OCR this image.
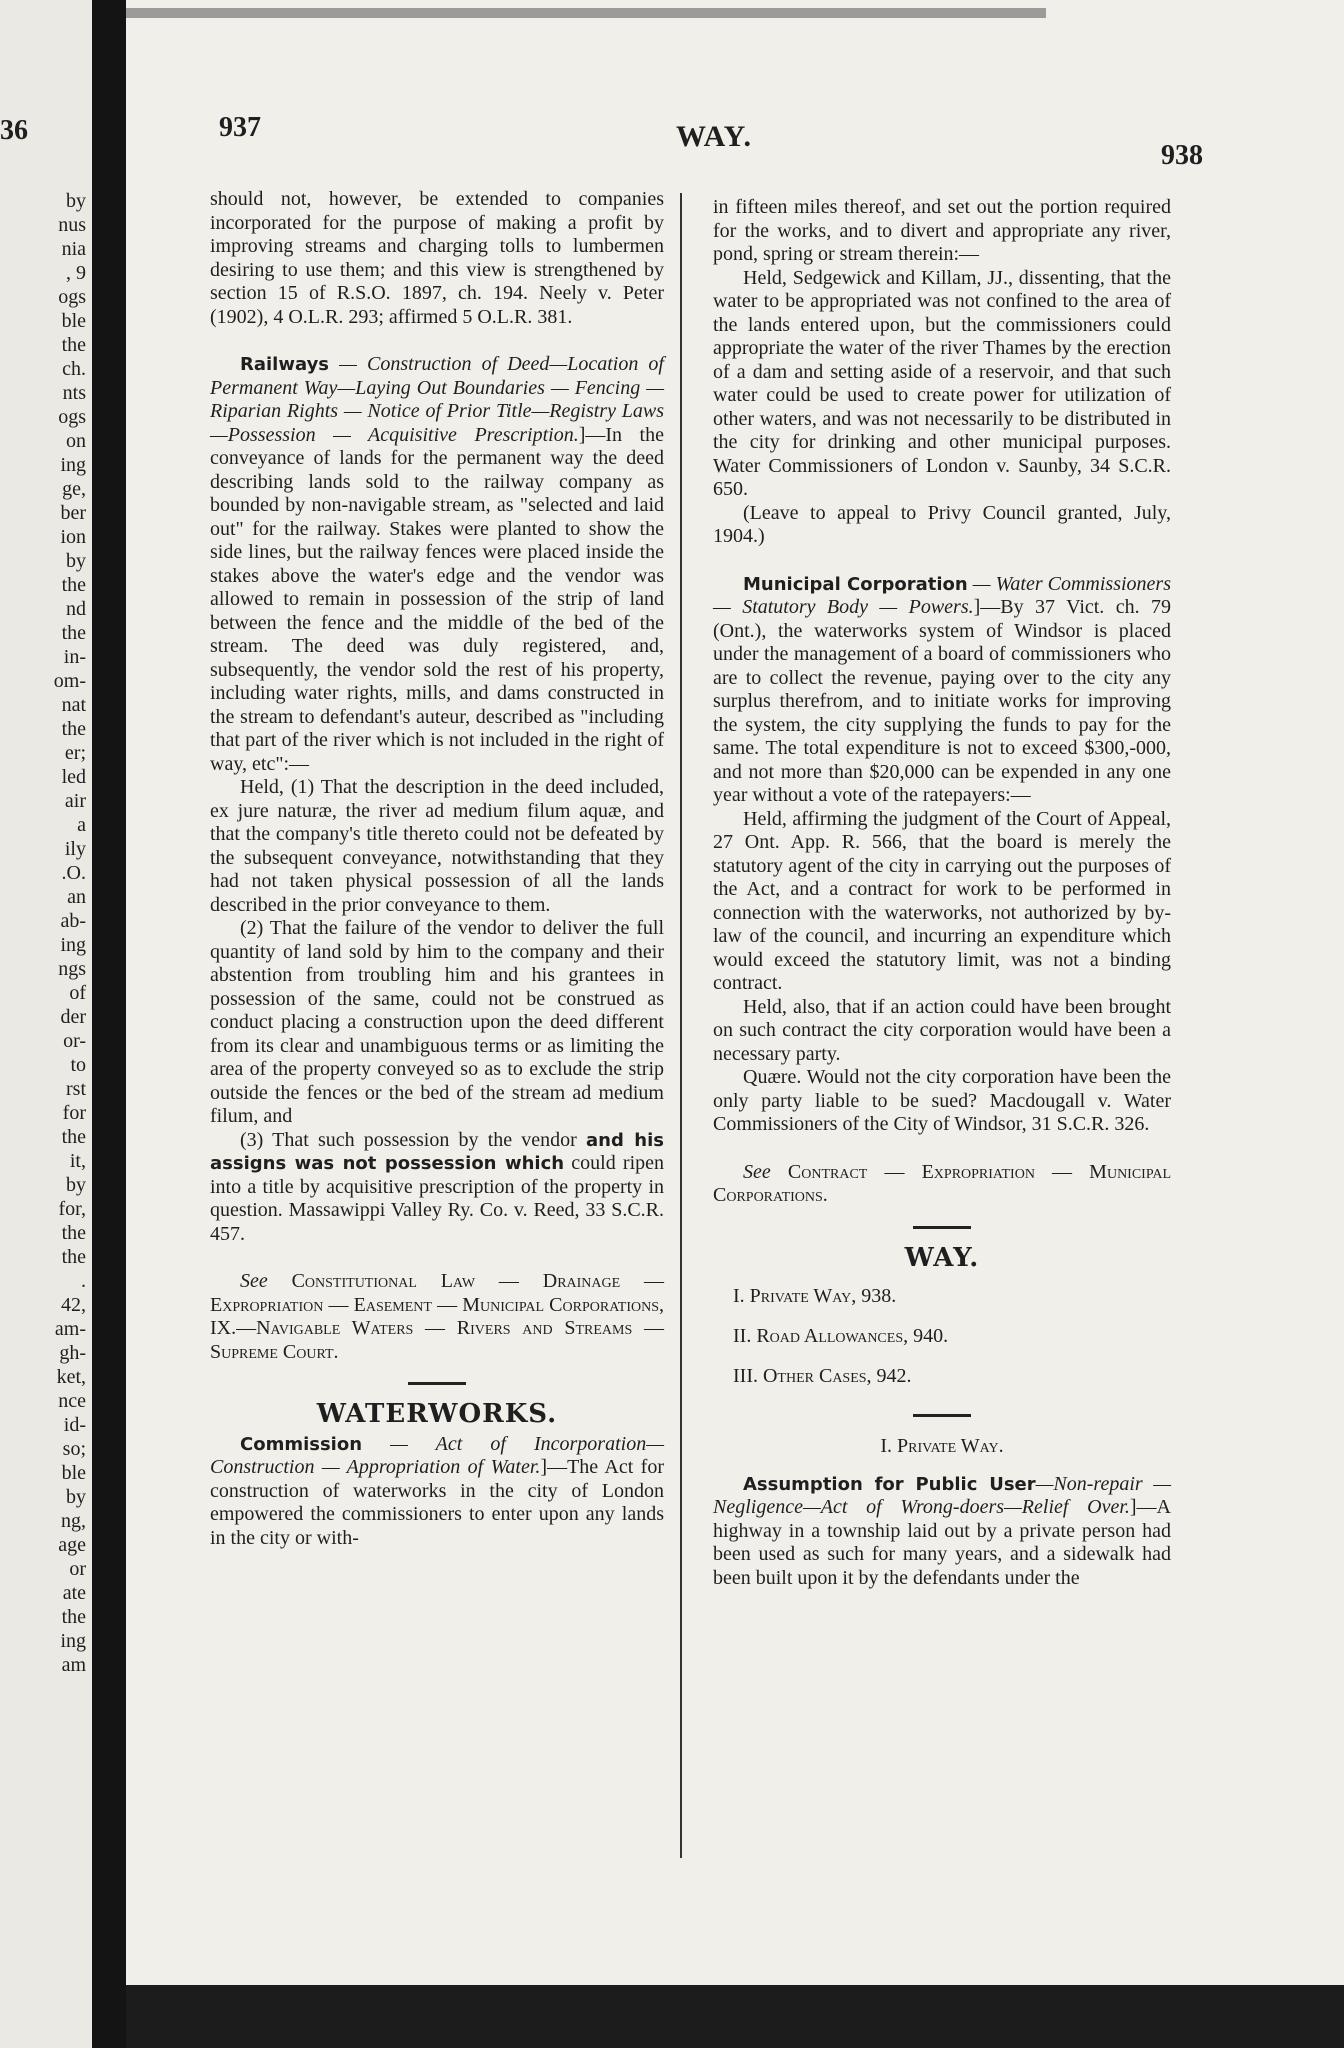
36
by
nus
nia
, 9
ogs
ble
the
ch.
nts
ogs
on
ing
ge,
ber
ion
by
the
nd
the
in-
om-
nat
the
er;
led
air
a
ily
.O.
an
ab-
ing
ngs
of
der
or-
to
rst
for
the
it,
by
for,
the
the
.
42,
am-
gh-
ket,
nce
id-
so;
ble
by
ng,
age
or
ate
the
ing
am
937	WAY.
938

should not, however, be extended to companies incorporated for the purpose of making a profit by improving streams and charging tolls to lumbermen desiring to use them; and this view is strengthened by section 15 of R.S.O. 1897, ch. 194. Neely v. Peter (1902), 4 O.L.R. 293; affirmed 5 O.L.R. 381.

Railways — Construction of Deed—Location of Permanent Way—Laying Out Boundaries — Fencing — Riparian Rights — Notice of Prior Title—Registry Laws—Possession — Acquisitive Prescription.]—In the conveyance of lands for the permanent way the deed describing lands sold to the railway company as bounded by non-navigable stream, as "selected and laid out" for the railway. Stakes were planted to show the side lines, but the railway fences were placed inside the stakes above the water's edge and the vendor was allowed to remain in possession of the strip of land between the fence and the middle of the bed of the stream. The deed was duly registered, and, subsequently, the vendor sold the rest of his property, including water rights, mills, and dams constructed in the stream to defendant's auteur, described as "including that part of the river which is not included in the right of way, etc":—

Held, (1) That the description in the deed included, ex jure naturæ, the river ad medium filum aquæ, and that the company's title thereto could not be defeated by the subsequent conveyance, notwithstanding that they had not taken physical possession of all the lands described in the prior conveyance to them.

(2) That the failure of the vendor to deliver the full quantity of land sold by him to the company and their abstention from troubling him and his grantees in possession of the same, could not be construed as conduct placing a construction upon the deed different from its clear and unambiguous terms or as limiting the area of the property conveyed so as to exclude the strip outside the fences or the bed of the stream ad medium filum, and

(3) That such possession by the vendor and his assigns was not possession which could ripen into a title by acquisitive prescription of the property in question. Massawippi Valley Ry. Co. v. Reed, 33 S.C.R. 457.

See Constitutional Law — Drainage — Expropriation — Easement — Municipal Corporations, IX.—Navigable Waters — Rivers and Streams —Supreme Court.

WATERWORKS.

Commission — Act of Incorporation—Construction — Appropriation of Water.]—The Act for construction of waterworks in the city of London empowered the commissioners to enter upon any lands in the city or with-

in fifteen miles thereof, and set out the portion required for the works, and to divert and appropriate any river, pond, spring or stream therein:—

Held, Sedgewick and Killam, JJ., dissenting, that the water to be appropriated was not confined to the area of the lands entered upon, but the commissioners could appropriate the water of the river Thames by the erection of a dam and setting aside of a reservoir, and that such water could be used to create power for utilization of other waters, and was not necessarily to be distributed in the city for drinking and other municipal purposes. Water Commissioners of London v. Saunby, 34 S.C.R. 650.

(Leave to appeal to Privy Council granted, July, 1904.)

Municipal Corporation — Water Commissioners — Statutory Body — Powers.]—By 37 Vict. ch. 79 (Ont.), the waterworks system of Windsor is placed under the management of a board of commissioners who are to collect the revenue, paying over to the city any surplus therefrom, and to initiate works for improving the system, the city supplying the funds to pay for the same. The total expenditure is not to exceed $300,-000, and not more than $20,000 can be expended in any one year without a vote of the ratepayers:—

Held, affirming the judgment of the Court of Appeal, 27 Ont. App. R. 566, that the board is merely the statutory agent of the city in carrying out the purposes of the Act, and a contract for work to be performed in connection with the waterworks, not authorized by by-law of the council, and incurring an expenditure which would exceed the statutory limit, was not a binding contract.

Held, also, that if an action could have been brought on such contract the city corporation would have been a necessary party.

Quære. Would not the city corporation have been the only party liable to be sued? Macdougall v. Water Commissioners of the City of Windsor, 31 S.C.R. 326.

See Contract — Expropriation — Municipal Corporations.

WAY.
I. Private Way, 938.
II. Road Allowances, 940.
III. Other Cases, 942.
I. Private Way.

Assumption for Public User—Non-repair —Negligence—Act of Wrong-doers—Relief Over.]—A highway in a township laid out by a private person had been used as such for many years, and a sidewalk had been built upon it by the defendants under the
